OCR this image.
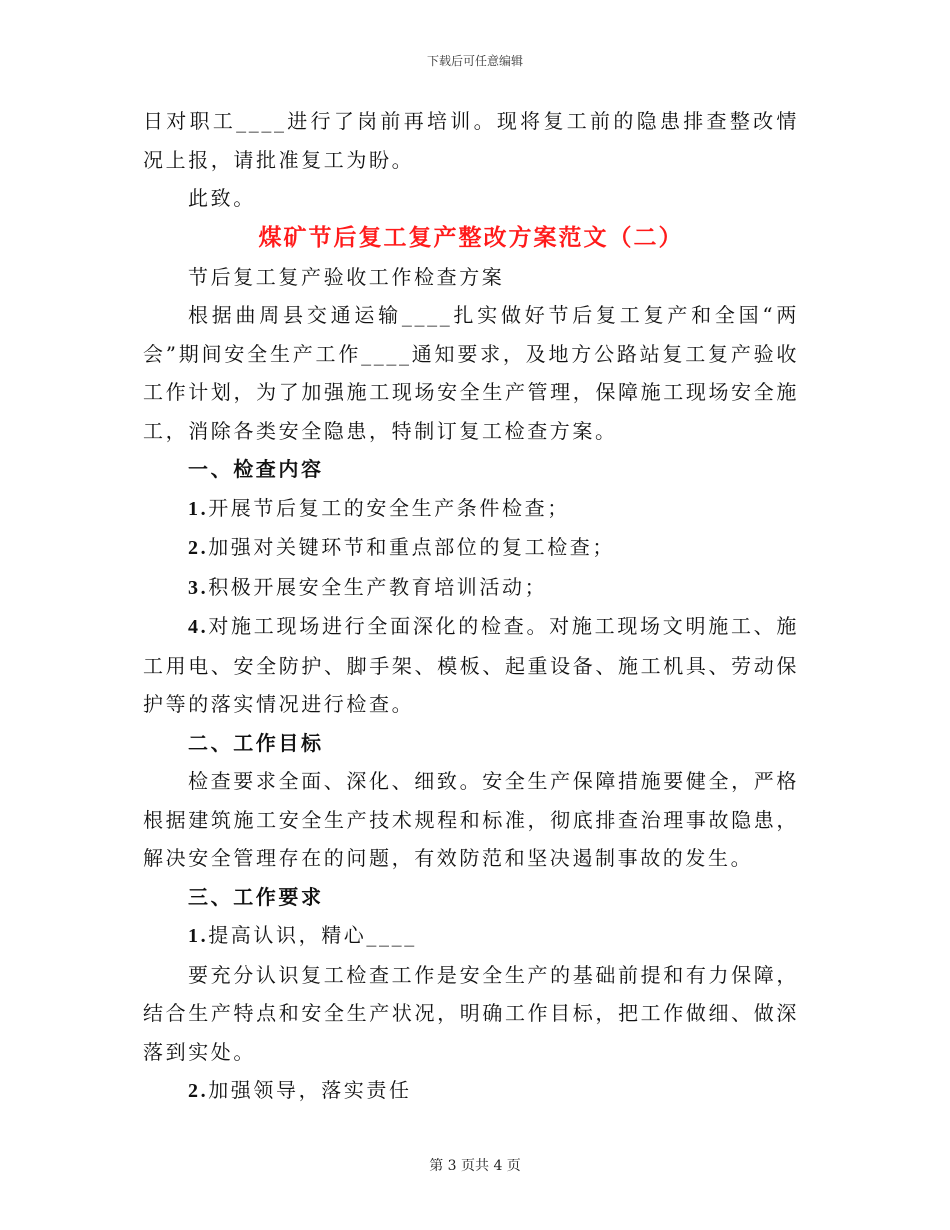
下载后可任意编辑

日对职工____进行了岗前再培训。现将复工前的隐患排查整改情况上报，请批准复工为盼。

此致。

煤矿节后复工复产整改方案范文（二）

节后复工复产验收工作检查方案

根据曲周县交通运输____扎实做好节后复工复产和全国“两会”期间安全生产工作____通知要求，及地方公路站复工复产验收工作计划，为了加强施工现场安全生产管理，保障施工现场安全施工，消除各类安全隐患，特制订复工检查方案。

一、检查内容

1.开展节后复工的安全生产条件检查；

2.加强对关键环节和重点部位的复工检查；

3.积极开展安全生产教育培训活动；

4.对施工现场进行全面深化的检查。对施工现场文明施工、施工用电、安全防护、脚手架、模板、起重设备、施工机具、劳动保护等的落实情况进行检查。

二、工作目标

检查要求全面、深化、细致。安全生产保障措施要健全，严格根据建筑施工安全生产技术规程和标准，彻底排查治理事故隐患，解决安全管理存在的问题，有效防范和坚决遏制事故的发生。

三、工作要求

1.提高认识，精心____

要充分认识复工检查工作是安全生产的基础前提和有力保障，结合生产特点和安全生产状况，明确工作目标，把工作做细、做深落到实处。

2.加强领导，落实责任

第 3 页共 4 页
